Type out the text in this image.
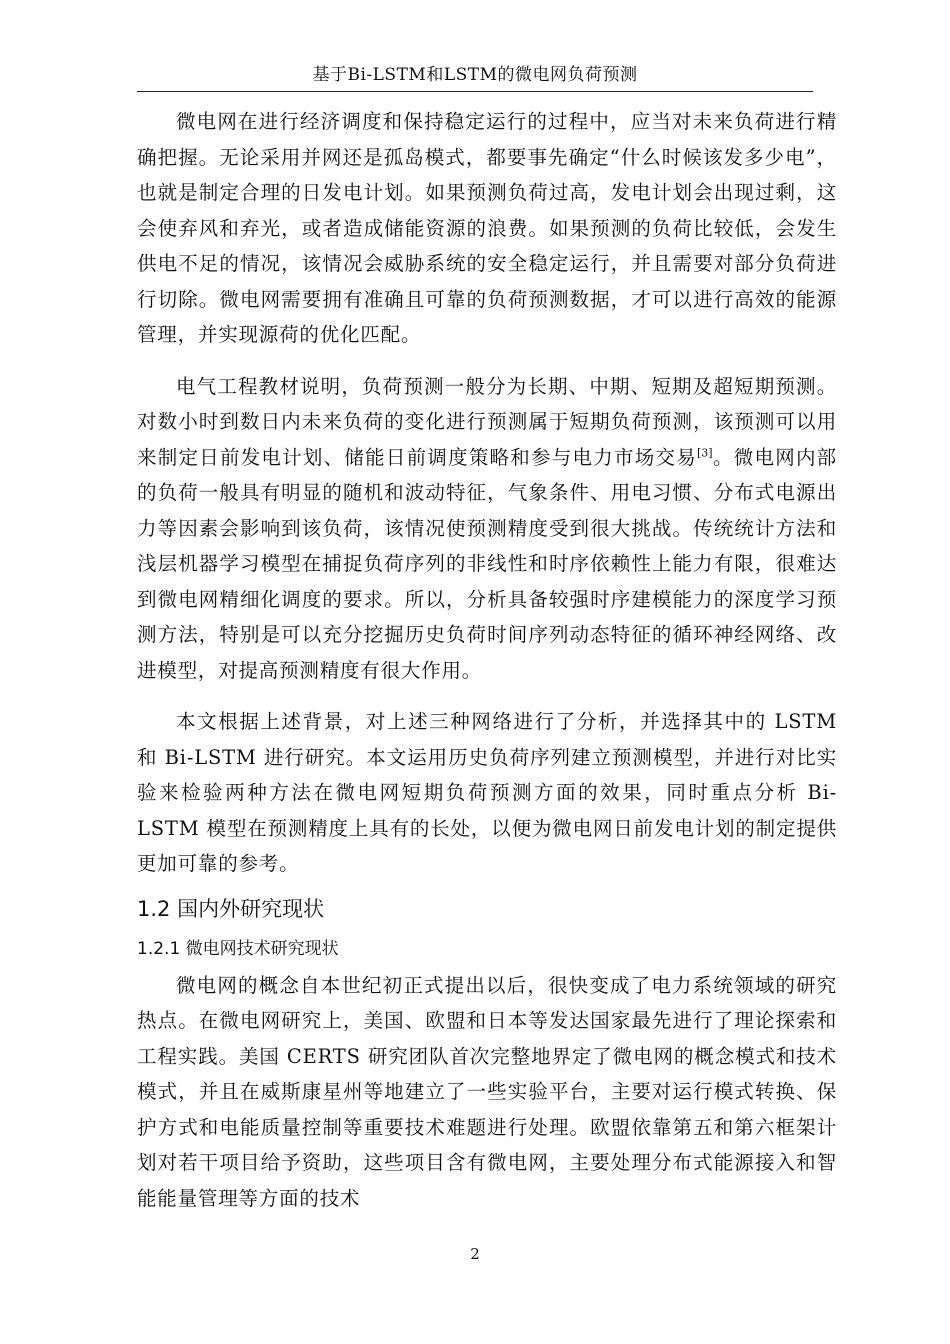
基于Bi-LSTM和LSTM的微电网负荷预测

微电网在进行经济调度和保持稳定运行的过程中，应当对未来负荷进行精确把握。无论采用并网还是孤岛模式，都要事先确定“什么时候该发多少电”，也就是制定合理的日发电计划。如果预测负荷过高，发电计划会出现过剩，这会使弃风和弃光，或者造成储能资源的浪费。如果预测的负荷比较低，会发生供电不足的情况，该情况会威胁系统的安全稳定运行，并且需要对部分负荷进行切除。微电网需要拥有准确且可靠的负荷预测数据，才可以进行高效的能源管理，并实现源荷的优化匹配。

电气工程教材说明，负荷预测一般分为长期、中期、短期及超短期预测。对数小时到数日内未来负荷的变化进行预测属于短期负荷预测，该预测可以用来制定日前发电计划、储能日前调度策略和参与电力市场交易[3]。微电网内部的负荷一般具有明显的随机和波动特征，气象条件、用电习惯、分布式电源出力等因素会影响到该负荷，该情况使预测精度受到很大挑战。传统统计方法和浅层机器学习模型在捕捉负荷序列的非线性和时序依赖性上能力有限，很难达到微电网精细化调度的要求。所以，分析具备较强时序建模能力的深度学习预测方法，特别是可以充分挖掘历史负荷时间序列动态特征的循环神经网络、改进模型，对提高预测精度有很大作用。

本文根据上述背景，对上述三种网络进行了分析，并选择其中的 LSTM 和 Bi-LSTM 进行研究。本文运用历史负荷序列建立预测模型，并进行对比实验来检验两种方法在微电网短期负荷预测方面的效果，同时重点分析 Bi-LSTM 模型在预测精度上具有的长处，以便为微电网日前发电计划的制定提供更加可靠的参考。

1.2 国内外研究现状
1.2.1 微电网技术研究现状

微电网的概念自本世纪初正式提出以后，很快变成了电力系统领域的研究热点。在微电网研究上，美国、欧盟和日本等发达国家最先进行了理论探索和工程实践。美国 CERTS 研究团队首次完整地界定了微电网的概念模式和技术模式，并且在威斯康星州等地建立了一些实验平台，主要对运行模式转换、保护方式和电能质量控制等重要技术难题进行处理。欧盟依靠第五和第六框架计划对若干项目给予资助，这些项目含有微电网，主要处理分布式能源接入和智能能量管理等方面的技术

2
